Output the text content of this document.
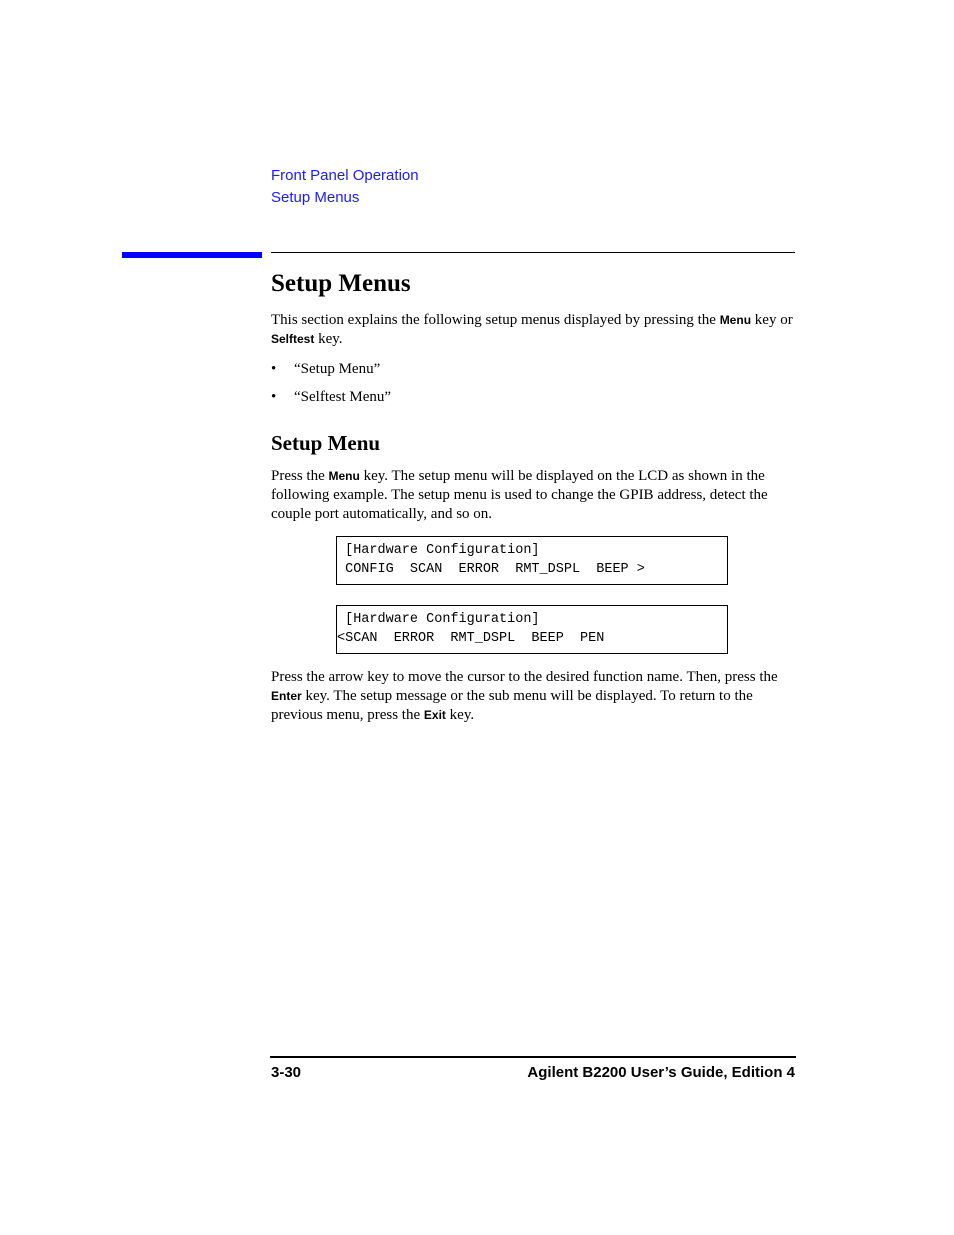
Front Panel Operation
Setup Menus
Setup Menus
This section explains the following setup menus displayed by pressing the Menu key or Selftest key.
• “Setup Menu”
• “Selftest Menu”
Setup Menu
Press the Menu key. The setup menu will be displayed on the LCD as shown in the following example. The setup menu is used to change the GPIB address, detect the couple port automatically, and so on.
[Hardware Configuration]
CONFIG  SCAN  ERROR  RMT_DSPL  BEEP >
[Hardware Configuration]
<SCAN  ERROR  RMT_DSPL  BEEP  PEN
Press the arrow key to move the cursor to the desired function name. Then, press the Enter key. The setup message or the sub menu will be displayed. To return to the previous menu, press the Exit key.
3-30	Agilent B2200 User’s Guide, Edition 4
